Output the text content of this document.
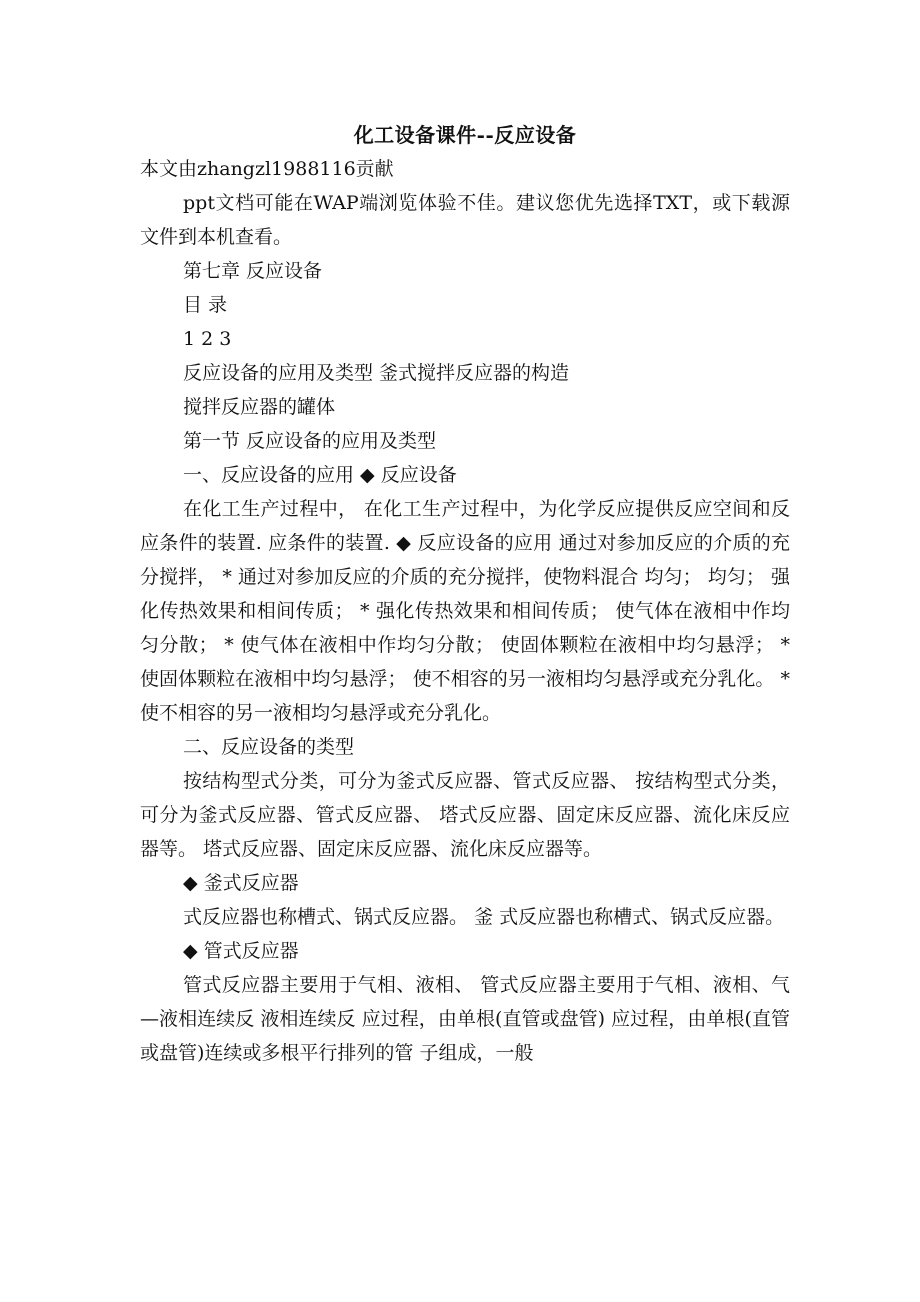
化工设备课件--反应设备

本文由zhangzl1988116贡献

ppt文档可能在WAP端浏览体验不佳。建议您优先选择TXT，或下载源文件到本机查看。

第七章 反应设备

目 录

1 2 3

反应设备的应用及类型 釜式搅拌反应器的构造

搅拌反应器的罐体

第一节 反应设备的应用及类型

一、反应设备的应用 ◆ 反应设备

在化工生产过程中， 在化工生产过程中，为化学反应提供反应空间和反 应条件的装置. 应条件的装置. ◆ 反应设备的应用 通过对参加反应的介质的充分搅拌， * 通过对参加反应的介质的充分搅拌，使物料混合 均匀； 均匀； 强化传热效果和相间传质； * 强化传热效果和相间传质； 使气体在液相中作均匀分散； * 使气体在液相中作均匀分散； 使固体颗粒在液相中均匀悬浮； * 使固体颗粒在液相中均匀悬浮； 使不相容的另一液相均匀悬浮或充分乳化。 * 使不相容的另一液相均匀悬浮或充分乳化。

二、反应设备的类型

按结构型式分类，可分为釜式反应器、管式反应器、 按结构型式分类，可分为釜式反应器、管式反应器、 塔式反应器、固定床反应器、流化床反应器等。 塔式反应器、固定床反应器、流化床反应器等。

◆ 釜式反应器

式反应器也称槽式、锅式反应器。 釜 式反应器也称槽式、锅式反应器。

◆ 管式反应器

管式反应器主要用于气相、液相、 管式反应器主要用于气相、液相、气—液相连续反 液相连续反 应过程，由单根(直管或盘管) 应过程，由单根(直管或盘管)连续或多根平行排列的管 子组成，一般
